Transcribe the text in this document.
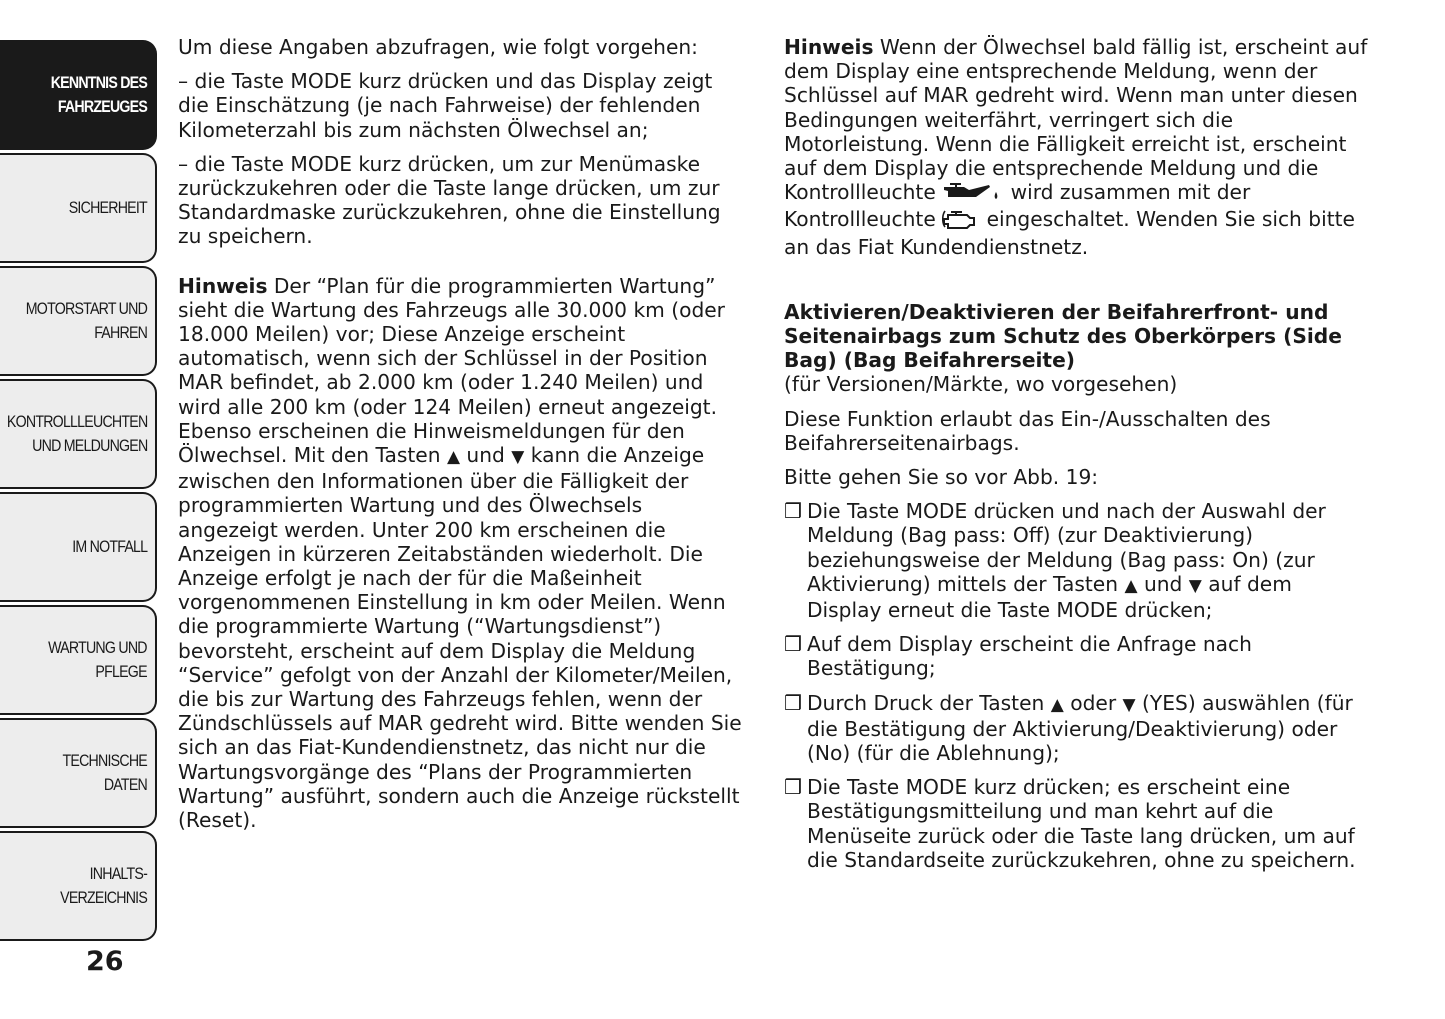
KENNTNIS DES
FAHRZEUGES
SICHERHEIT
MOTORSTART UND
FAHREN
KONTROLLLEUCHTEN
UND MELDUNGEN
IM NOTFALL
WARTUNG UND
PFLEGE
TECHNISCHE DATEN
INHALTS-
VERZEICHNIS
26

Um diese Angaben abzufragen, wie folgt vorgehen:

– die Taste MODE kurz drücken und das Display zeigt die Einschätzung (je nach Fahrweise) der fehlenden Kilometerzahl bis zum nächsten Ölwechsel an;

– die Taste MODE kurz drücken, um zur Menümaske zurückzukehren oder die Taste lange drücken, um zur Standardmaske zurückzukehren, ohne die Einstellung zu speichern.

Hinweis Der “Plan für die programmierten Wartung” sieht die Wartung des Fahrzeugs alle 30.000 km (oder 18.000 Meilen) vor; Diese Anzeige erscheint automatisch, wenn sich der Schlüssel in der Position MAR befindet, ab 2.000 km (oder 1.240 Meilen) und wird alle 200 km (oder 124 Meilen) erneut angezeigt. Ebenso erscheinen die Hinweismeldungen für den Ölwechsel. Mit den Tasten ▲ und ▼ kann die Anzeige zwischen den Informationen über die Fälligkeit der programmierten Wartung und des Ölwechsels angezeigt werden. Unter 200 km erscheinen die Anzeigen in kürzeren Zeitabständen wiederholt. Die Anzeige erfolgt je nach der für die Maßeinheit vorgenommenen Einstellung in km oder Meilen. Wenn die programmierte Wartung (“Wartungsdienst”) bevorsteht, erscheint auf dem Display die Meldung “Service” gefolgt von der Anzahl der Kilometer/Meilen, die bis zur Wartung des Fahrzeugs fehlen, wenn der Zündschlüssels auf MAR gedreht wird. Bitte wenden Sie sich an das Fiat-Kundendienstnetz, das nicht nur die Wartungsvorgänge des “Plans der Programmierten Wartung” ausführt, sondern auch die Anzeige rückstellt (Reset).

Hinweis Wenn der Ölwechsel bald fällig ist, erscheint auf dem Display eine entsprechende Meldung, wenn der Schlüssel auf MAR gedreht wird. Wenn man unter diesen Bedingungen weiterfährt, verringert sich die Motorleistung. Wenn die Fälligkeit erreicht ist, erscheint auf dem Display die entsprechende Meldung und die Kontrollleuchte	wird zusammen mit der Kontrollleuchte  eingeschaltet. Wenden Sie sich bitte an das Fiat Kundendienstnetz.

Aktivieren/Deaktivieren der Beifahrerfront- und Seitenairbags zum Schutz des Oberkörpers (Side Bag) (Bag Beifahrerseite)

(für Versionen/Märkte, wo vorgesehen)

Diese Funktion erlaubt das Ein-/Ausschalten des Beifahrerseitenairbags.

Bitte gehen Sie so vor Abb. 19:

❒ Die Taste MODE drücken und nach der Auswahl der Meldung (Bag pass: Off) (zur Deaktivierung) beziehungsweise der Meldung (Bag pass: On) (zur Aktivierung) mittels der Tasten ▲ und ▼ auf dem Display erneut die Taste MODE drücken;

❒ Auf dem Display erscheint die Anfrage nach Bestätigung;

❒ Durch Druck der Tasten ▲ oder ▼ (YES) auswählen (für die Bestätigung der Aktivierung/Deaktivierung) oder (No) (für die Ablehnung);

❒ Die Taste MODE kurz drücken; es erscheint eine Bestätigungsmitteilung und man kehrt auf die Menüseite zurück oder die Taste lang drücken, um auf die Standardseite zurückzukehren, ohne zu speichern.
